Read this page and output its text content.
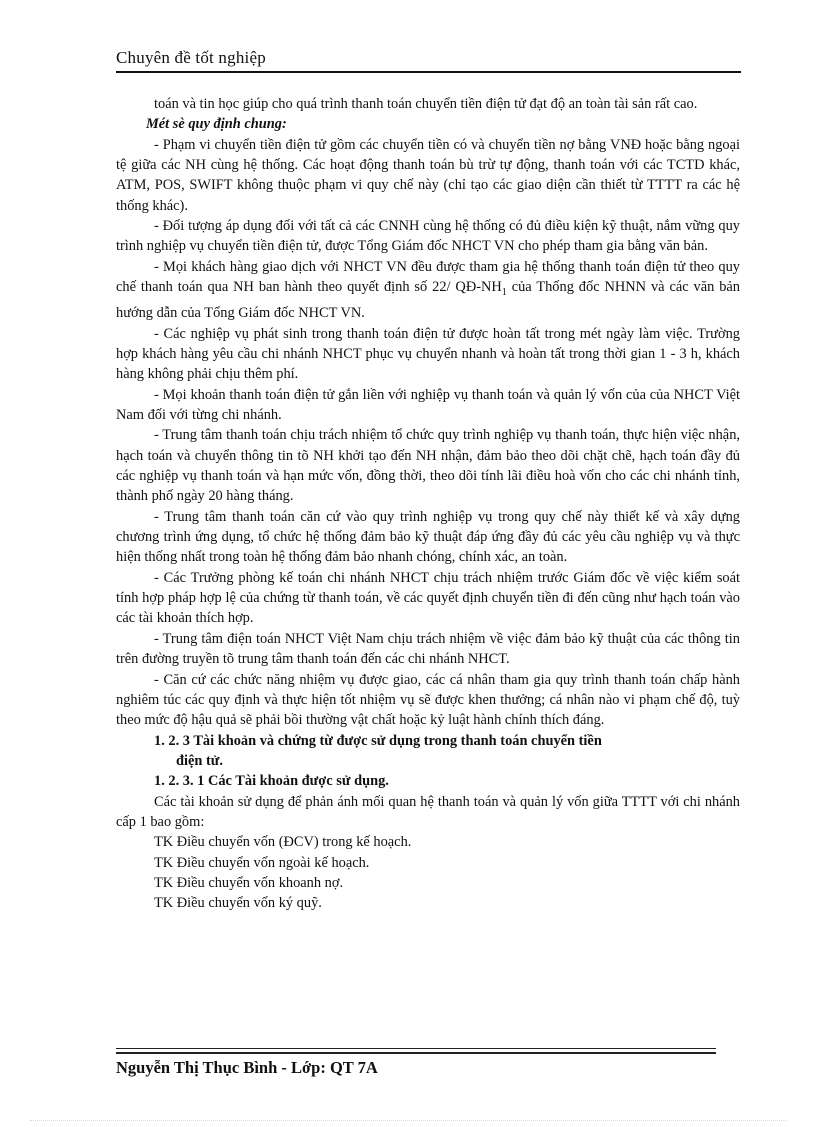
Chuyên đề tốt nghiệp

toán và tin học giúp cho quá trình thanh toán chuyển tiền điện tử đạt độ an toàn tài sản rất cao.

Mét sè quy định chung:

- Phạm vi chuyển tiền điện tử gồm các chuyển tiền có và chuyển tiền nợ bằng VNĐ hoặc bằng ngoại tệ giữa các NH cùng hệ thống. Các hoạt động thanh toán bù trừ tự động, thanh toán với các TCTD khác, ATM, POS, SWIFT không thuộc phạm vi quy chế này (chỉ tạo các giao diện cần thiết từ TTTT ra các hệ thống khác).

- Đối tượng áp dụng đối với tất cả các CNNH cùng hệ thống có đủ điều kiện kỹ thuật, nắm vững quy trình nghiệp vụ chuyển tiền điện tử, được Tổng Giám đốc NHCT VN cho phép tham gia bằng văn bản.

- Mọi khách hàng giao dịch với NHCT VN đều được tham gia hệ thống thanh toán điện tử theo quy chế thanh toán qua NH ban hành theo quyết định số 22/ $QĐ-NH_1$ của Thống đốc NHNN và các văn bản hướng dẫn của Tổng Giám đốc NHCT VN.

- Các nghiệp vụ phát sinh trong thanh toán điện tử được hoàn tất trong mét ngày làm việc. Trường hợp khách hàng yêu cầu chi nhánh NHCT phục vụ chuyển nhanh và hoàn tất trong thời gian 1 - 3 h, khách hàng không phải chịu thêm phí.

- Mọi khoản thanh toán điện tử gắn liền với nghiệp vụ thanh toán và quản lý vốn của của NHCT Việt Nam đối với từng chi nhánh.

- Trung tâm thanh toán chịu trách nhiệm tổ chức quy trình nghiệp vụ thanh toán, thực hiện việc nhận, hạch toán và chuyển thông tin tõ NH khởi tạo đến NH nhận, đảm bảo theo dõi chặt chẽ, hạch toán đầy đủ các nghiệp vụ thanh toán và hạn mức vốn, đồng thời, theo dõi tính lãi điều hoà vốn cho các chi nhánh tỉnh, thành phố ngày 20 hàng tháng.

- Trung tâm thanh toán căn cứ vào quy trình nghiệp vụ trong quy chế này thiết kế và xây dựng chương trình ứng dụng, tổ chức hệ thống đảm bảo kỹ thuật đáp ứng đầy đủ các yêu cầu nghiệp vụ và thực hiện thống nhất trong toàn hệ thống đảm bảo nhanh chóng, chính xác, an toàn.

- Các Trưởng phòng kế toán chi nhánh NHCT chịu trách nhiệm trước Giám đốc về việc kiểm soát tính hợp pháp hợp lệ của chứng từ thanh toán, về các quyết định chuyển tiền đi đến cũng như hạch toán vào các tài khoản thích hợp.

- Trung tâm điện toán NHCT Việt Nam chịu trách nhiệm về việc đảm bảo kỹ thuật của các thông tin trên đường truyền tõ trung tâm thanh toán đến các chi nhánh NHCT.

- Căn cứ các chức năng nhiệm vụ được giao, các cá nhân tham gia quy trình thanh toán chấp hành nghiêm túc các quy định và thực hiện tốt nhiệm vụ sẽ được khen thưởng; cá nhân nào vi phạm chế độ, tuỳ theo mức độ hậu quả sẽ phải bồi thường vật chất hoặc kỷ luật hành chính thích đáng.

1. 2. 3 Tài khoản và chứng từ được sử dụng trong thanh toán chuyển tiền

điện tử.

1. 2. 3. 1 Các Tài khoản được sử dụng.

Các tài khoản sử dụng để phản ánh mối quan hệ thanh toán và quản lý vốn giữa TTTT với chi nhánh cấp 1 bao gồm:

TK Điều chuyển vốn (ĐCV) trong kế hoạch.

TK Điều chuyển vốn ngoài kế hoạch.

TK Điều chuyển vốn khoanh nợ.

TK Điều chuyển vốn ký quỹ.

Nguyễn Thị Thục Bình - Lớp: QT 7A
